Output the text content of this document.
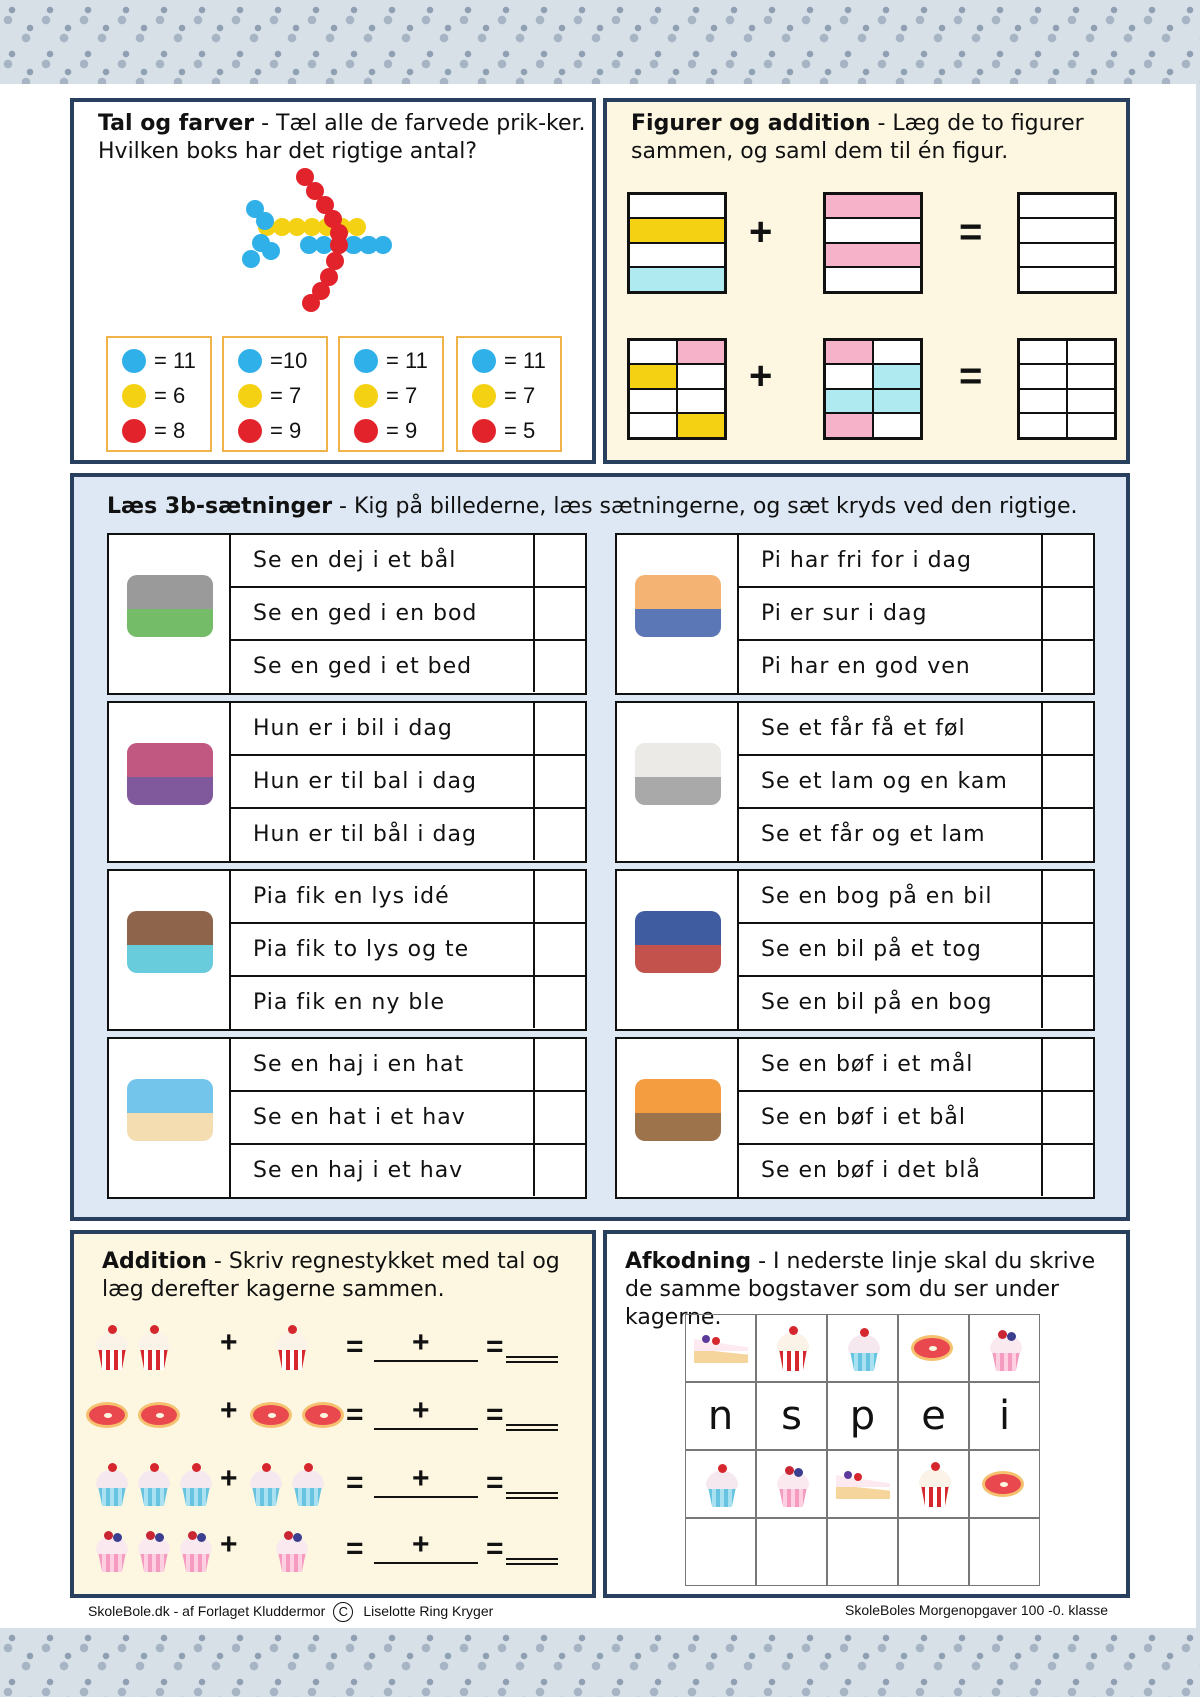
Tal og farver - Tæl alle de farvede prik-ker. Hvilken boks har det rigtige antal?
= 11
= 6
= 8
=10
= 7
= 9
= 11
= 7
= 9
= 11
= 7
= 5
Figurer og addition - Læg de to figurer sammen, og saml dem til én figur.
+	=
+	=
Læs 3b-sætninger - Kig på billederne, læs sætningerne, og sæt kryds ved den rigtige.
Se en dej i et bål
Se en ged i en bod
Se en ged i et bed
Pi har fri for i dag
Pi er sur i dag
Pi har en god ven
Hun er i bil i dag
Hun er til bal i dag
Hun er til bål i dag
Se et får få et føl
Se et lam og en kam
Se et får og et lam
Pia fik en lys idé
Pia fik to lys og te
Pia fik en ny ble
Se en bog på en bil
Se en bil på et tog
Se en bil på en bog
Se en haj i en hat
Se en hat i et hav
Se en haj i et hav
Se en bøf i et mål
Se en bøf i et bål
Se en bøf i det blå
Addition - Skriv regnestykket med tal og læg derefter kagerne sammen.
+	= + =
+	= + =
+	= + =
+	= + =
Afkodning - I nederste linje skal du skrive de samme bogstaver som du ser under kagerne.
n s p e i
SkoleBole.dk - af Forlaget Kluddermor C Liselotte Ring Kryger	SkoleBoles Morgenopgaver 100 -0. klasse
